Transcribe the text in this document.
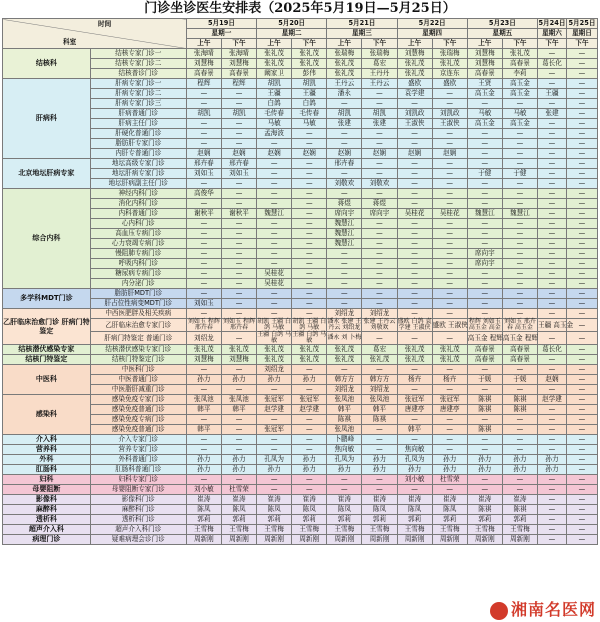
门诊坐诊医生安排表（2025年5月19日—5月25日）
科室
时间		5月19日		5月20日		5月21日		5月22日		5月23日		5月24日	5月25日
		星期一		星期二		星期三		星期四		星期五		星期六	星期日
		上午	下午	上午	下午	上午	下午	上午	下午	上午	下午	下午	下午
结核科	结核专家门诊一	张海晴	张海晴	张礼茂	张礼茂	张瑞梅	张瑞梅	刘慧梅	张瑞梅	刘慧梅	张礼茂	—	—
	结核专家门诊二	刘慧梅	刘慧梅	张礼茂	张礼茂	张礼茂	葛宏	张礼茂	张礼茂	刘慧梅	高春景	葛长化	—
	结核普诊门诊	高春景	高春景	阚家卫	彭伟	张礼茂	王丹丹	张礼茂	京连东	高春景	李莉	—	—
肝病科	肝病专家门诊一	程辉	程辉	胡凯	胡凯	王丹云	王丹云	盛欧	盛欧	王贤	高玉金	—	—
	肝病专家门诊二	—	—	王疆	王疆	潘永	—	袁学建	—	高玉金	高玉金	王疆	—
	肝病专家门诊三	—	—	白鸽	白鸽	—	—	—	—	—	—	—	—
	肝病普通门诊	胡凯	胡凯	毛传春	毛传春	胡凯	胡凯	刘凯政	刘凯政	马敏	马敏	张建	—
	肝病主任门诊	—	—	马敏	马敏	张建	张建	王淑侠	王淑侠	高玉金	高玉金	—	—
	肝硬化普通门诊	—	—	孟海波	—	—	—	—	—	—	—	—	—
	脂肪肝专家门诊	—	—	—	—	—	—	—	—	—	—	—	—
	内肝专普通门诊	赵娴	赵娴	赵娴	赵娴	赵娴	赵娴	赵娴	赵娴	—	—	—	—
北京地坛肝病专家	地坛高级专家门诊	邢卉春	邢卉春	—	—	邢卉春	—	—	—	—	—	—	—
	地坛肝病专家门诊	刘如玉	刘如玉	—	—	—	—	—	—	于健	于健	—	—
	地坛肝病副主任门诊	—	—	—	—	刘敬欢	刘敬欢	—	—	—	—	—	—
综合内科	神经内科门诊	高俊华	—	—	—	—	—	—	—	—	—	—	—
	消化内科门诊	—	—	—	—	蒋煜	蒋煜	—	—	—	—	—	—
	内科普通门诊	谢秋平	谢秋平	魏慧江	—	席向宇	席向宇	吴桂花	吴桂花	魏慧江	魏慧江	—	—
	心内科门诊	—	—	—	—	魏慧江	—	—	—	—	—	—	—
	高血压专病门诊	—	—	—	—	魏慧江	—	—	—	—	—	—	—
	心力衰竭专病门诊	—	—	—	—	魏慧江	—	—	—	—	—	—	—
	慢阻肺专病门诊	—	—	—	—	—	—	—	—	席向宇	—	—	—
	呼吸内科门诊	—	—	—	—	—	—	—	—	席向宇	—	—	—
	糖尿病专病门诊	—	—	吴桂花	—	—	—	—	—	—	—	—	—
	内分泌门诊	—	—	吴桂花	—	—	—	—	—	—	—	—	—
多学科MDT门诊	脂肪肝MDT门诊	—	—	—	—	—	—	—	—	—	—	—	—
	肝占位性病变MDT门诊	刘如玉	—	—	—	—	—	—	—	—	—	—	—
乙肝临床治愈门诊 肝病门特鉴定	中西医肥胖及相关疾病	—	—	—	—	刘绍龙	刘绍龙	—	—	—	—	—	—
	乙肝临床治愈专家门诊	刘如玉 程辉 邢卉春	刘如玉 程辉 邢卉春	胡凯 王疆 白鸽 马敏	胡凯 王疆 白鸽 马敏	潘永 张建 王丹云 刘绍龙	张建 王丹云 刘敬欢	盛欧 白鸽 袁学建 王淑侠	盛欧 王淑侠	程辉 刘如玉 高玉金 高金	刘如玉 邢卉春 高玉金	王疆 高玉金	—
	肝病门特鉴定 普通门诊	刘绍龙	—	王疆 白鸽 马敏	王疆 白鸽 马敏	潘永 刘 卜梅	—	—	—	高玉金 程辉	高玉金 程辉	—	—
结核潜伏感染专家	结核潜伏感染专家门诊	张礼茂	张礼茂	张礼茂	张礼茂	张礼茂	葛宏	张礼茂	张礼茂	高春景	高春景	葛长化	—
结核门特鉴定	结核门特鉴定门诊	刘慧梅	刘慧梅	张礼茂	张礼茂	张礼茂	张礼茂	张礼茂	张礼茂	高春景	高春景	—	—
中医科	中医科门诊	—	—	刘绍龙	—	—	—	—	—	—	—	—	—
	中医普通门诊	孙力	孙力	孙力	孙力	韩方方	韩方方	杨卉	杨卉	于媛	于媛	赵娴	—
	中医脂肝减重门诊	—	—	—	—	刘绍龙	刘绍龙	—	—	—	—	—	—
感染科	感染免疫专家门诊	张凤池	张凤池	张冠军	张冠军	张凤池	张凤池	张冠军	张冠军	陈祺	陈祺	赵学建	—
	感染免疫普通门诊	韩平	韩平	赵学建	赵学建	韩平	韩平	唐建亭	唐建亭	陈祺	陈祺	—	—
	感染免疫专病门诊	—	—	—	—	陈祺	陈祺	—	—	—	—	—	—
	感染免疫普通门诊	韩平	—	张冠军	—	张凤池	—	韩平	—	陈祺	—	—	—
介入科	介入专家门诊	—	—	—	—	卜鹏峰	—	—	—	—	—	—	—
营养科	营养专家门诊	—	—	—	—	焦向敏	—	焦向敏	—	—	—	—	—
外科	外科普通门诊	孙力	孙力	孔凤为	孙力	孔凤为	孙力	孔凤为	孙力	孙力	孙力	孙力	—
肛肠科	肛肠科普通门诊	孙力	孙力	孙力	孙力	孙力	孙力	孙力	孙力	孙力	孙力	孙力	—
妇科	妇科专家门诊	—	—	—	—	—	—	刘小敏	杜雪荣	—	—	—	—
母婴阻断	母婴阻断专家门诊	刘小敏	杜雪荣	—	—	—	—	—	—	—	—	—	—
影像科	影像科门诊	崔涛	崔涛	崔涛	崔涛	崔涛	崔涛	崔涛	崔涛	崔涛	崔涛	—	—
麻醉科	麻醉科门诊	陈凤	陈凤	陈凤	陈凤	陈凤	陈凤	陈凤	陈凤	陈祺	陈祺	—	—
透析科	透析科门诊	郭莉	郭莉	郭莉	郭莉	郭莉	郭莉	郭莉	郭莉	郭莉	郭莉	—	—
超声介入科	超声介入科门诊	王雪梅	王雪梅	王雪梅	王雪梅	王雪梅	王雪梅	王雪梅	王雪梅	王雪梅	王雪梅	—	—
病理门诊	疑难病理会诊门诊	周新刚	周新刚	周新刚	周新刚	周新刚	周新刚	周新刚	周新刚	周新刚	周新刚	—	—
湘南名医网
